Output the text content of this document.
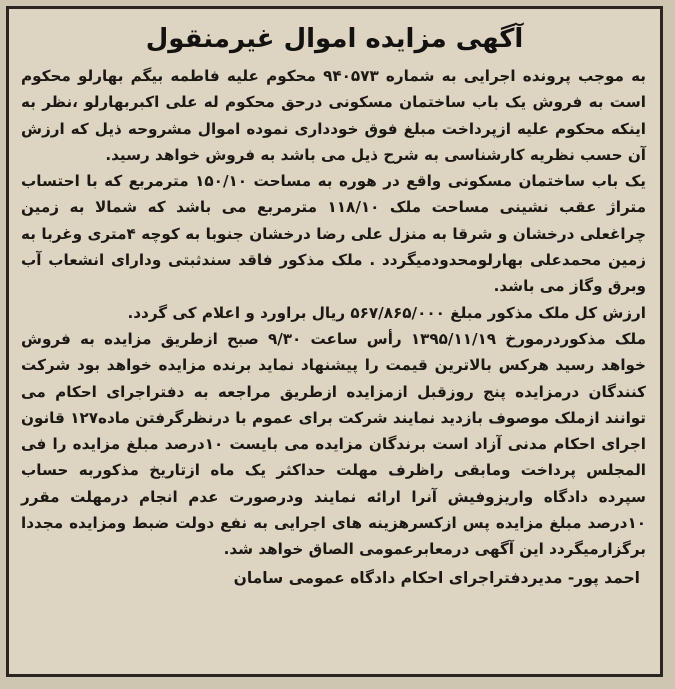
آگهی مزایده اموال غیرمنقول

به موجب پرونده اجرایی به شماره ۹۴۰۵۷۳ محکوم علیه فاطمه بیگم بهارلو محکوم است به فروش یک باب ساختمان مسکونی درحق محکوم له علی اکبربهارلو ،نظر به اینکه محکوم علیه ازپرداخت مبلغ فوق خودداری نموده اموال مشروحه ذیل که ارزش آن حسب نظریه کارشناسی به شرح ذیل می باشد به فروش خواهد رسید.

یک باب ساختمان مسکونی واقع در هوره به مساحت ۱۵۰/۱۰ مترمربع که با احتساب متراژ عقب نشینی مساحت ملک ۱۱۸/۱۰ مترمربع می باشد که شمالا به زمین چراغعلی درخشان و شرقا به منزل علی رضا درخشان جنوبا به کوچه ۴متری وغربا به زمین محمدعلی بهارلومحدودمیگردد . ملک مذکور فاقد سندثبتی ودارای انشعاب آب وبرق وگاز می باشد.

ارزش کل ملک مذکور مبلغ ۵۶۷/۸۶۵/۰۰۰ ریال براورد و اعلام کی گردد.

ملک مذکوردرمورخ ۱۳۹۵/۱۱/۱۹ رأس ساعت ۹/۳۰ صبح ازطریق مزایده به فروش خواهد رسید هرکس بالاترین قیمت را پیشنهاد نماید برنده مزایده خواهد بود شرکت کنندگان درمزایده پنج روزقبل ازمزایده ازطریق مراجعه به دفتراجرای احکام می توانند ازملک موصوف بازدید نمایند شرکت برای عموم با درنظرگرفتن ماده۱۲۷ قانون اجرای احکام مدنی آزاد است برندگان مزایده می بایست ۱۰درصد مبلغ مزایده را فی المجلس پرداخت ومابقی راظرف مهلت حداکثر یک ماه ازتاریخ مذکوربه حساب سپرده دادگاه واریزوفیش آنرا ارائه نمایند ودرصورت عدم انجام درمهلت مقرر ۱۰درصد مبلغ مزایده پس ازکسرهزینه های اجرایی به نفع دولت ضبط ومزایده مجددا برگزارمیگردد این آگهی درمعابرعمومی الصاق خواهد شد.

احمد پور- مدیردفتراجرای احکام دادگاه عمومی سامان
